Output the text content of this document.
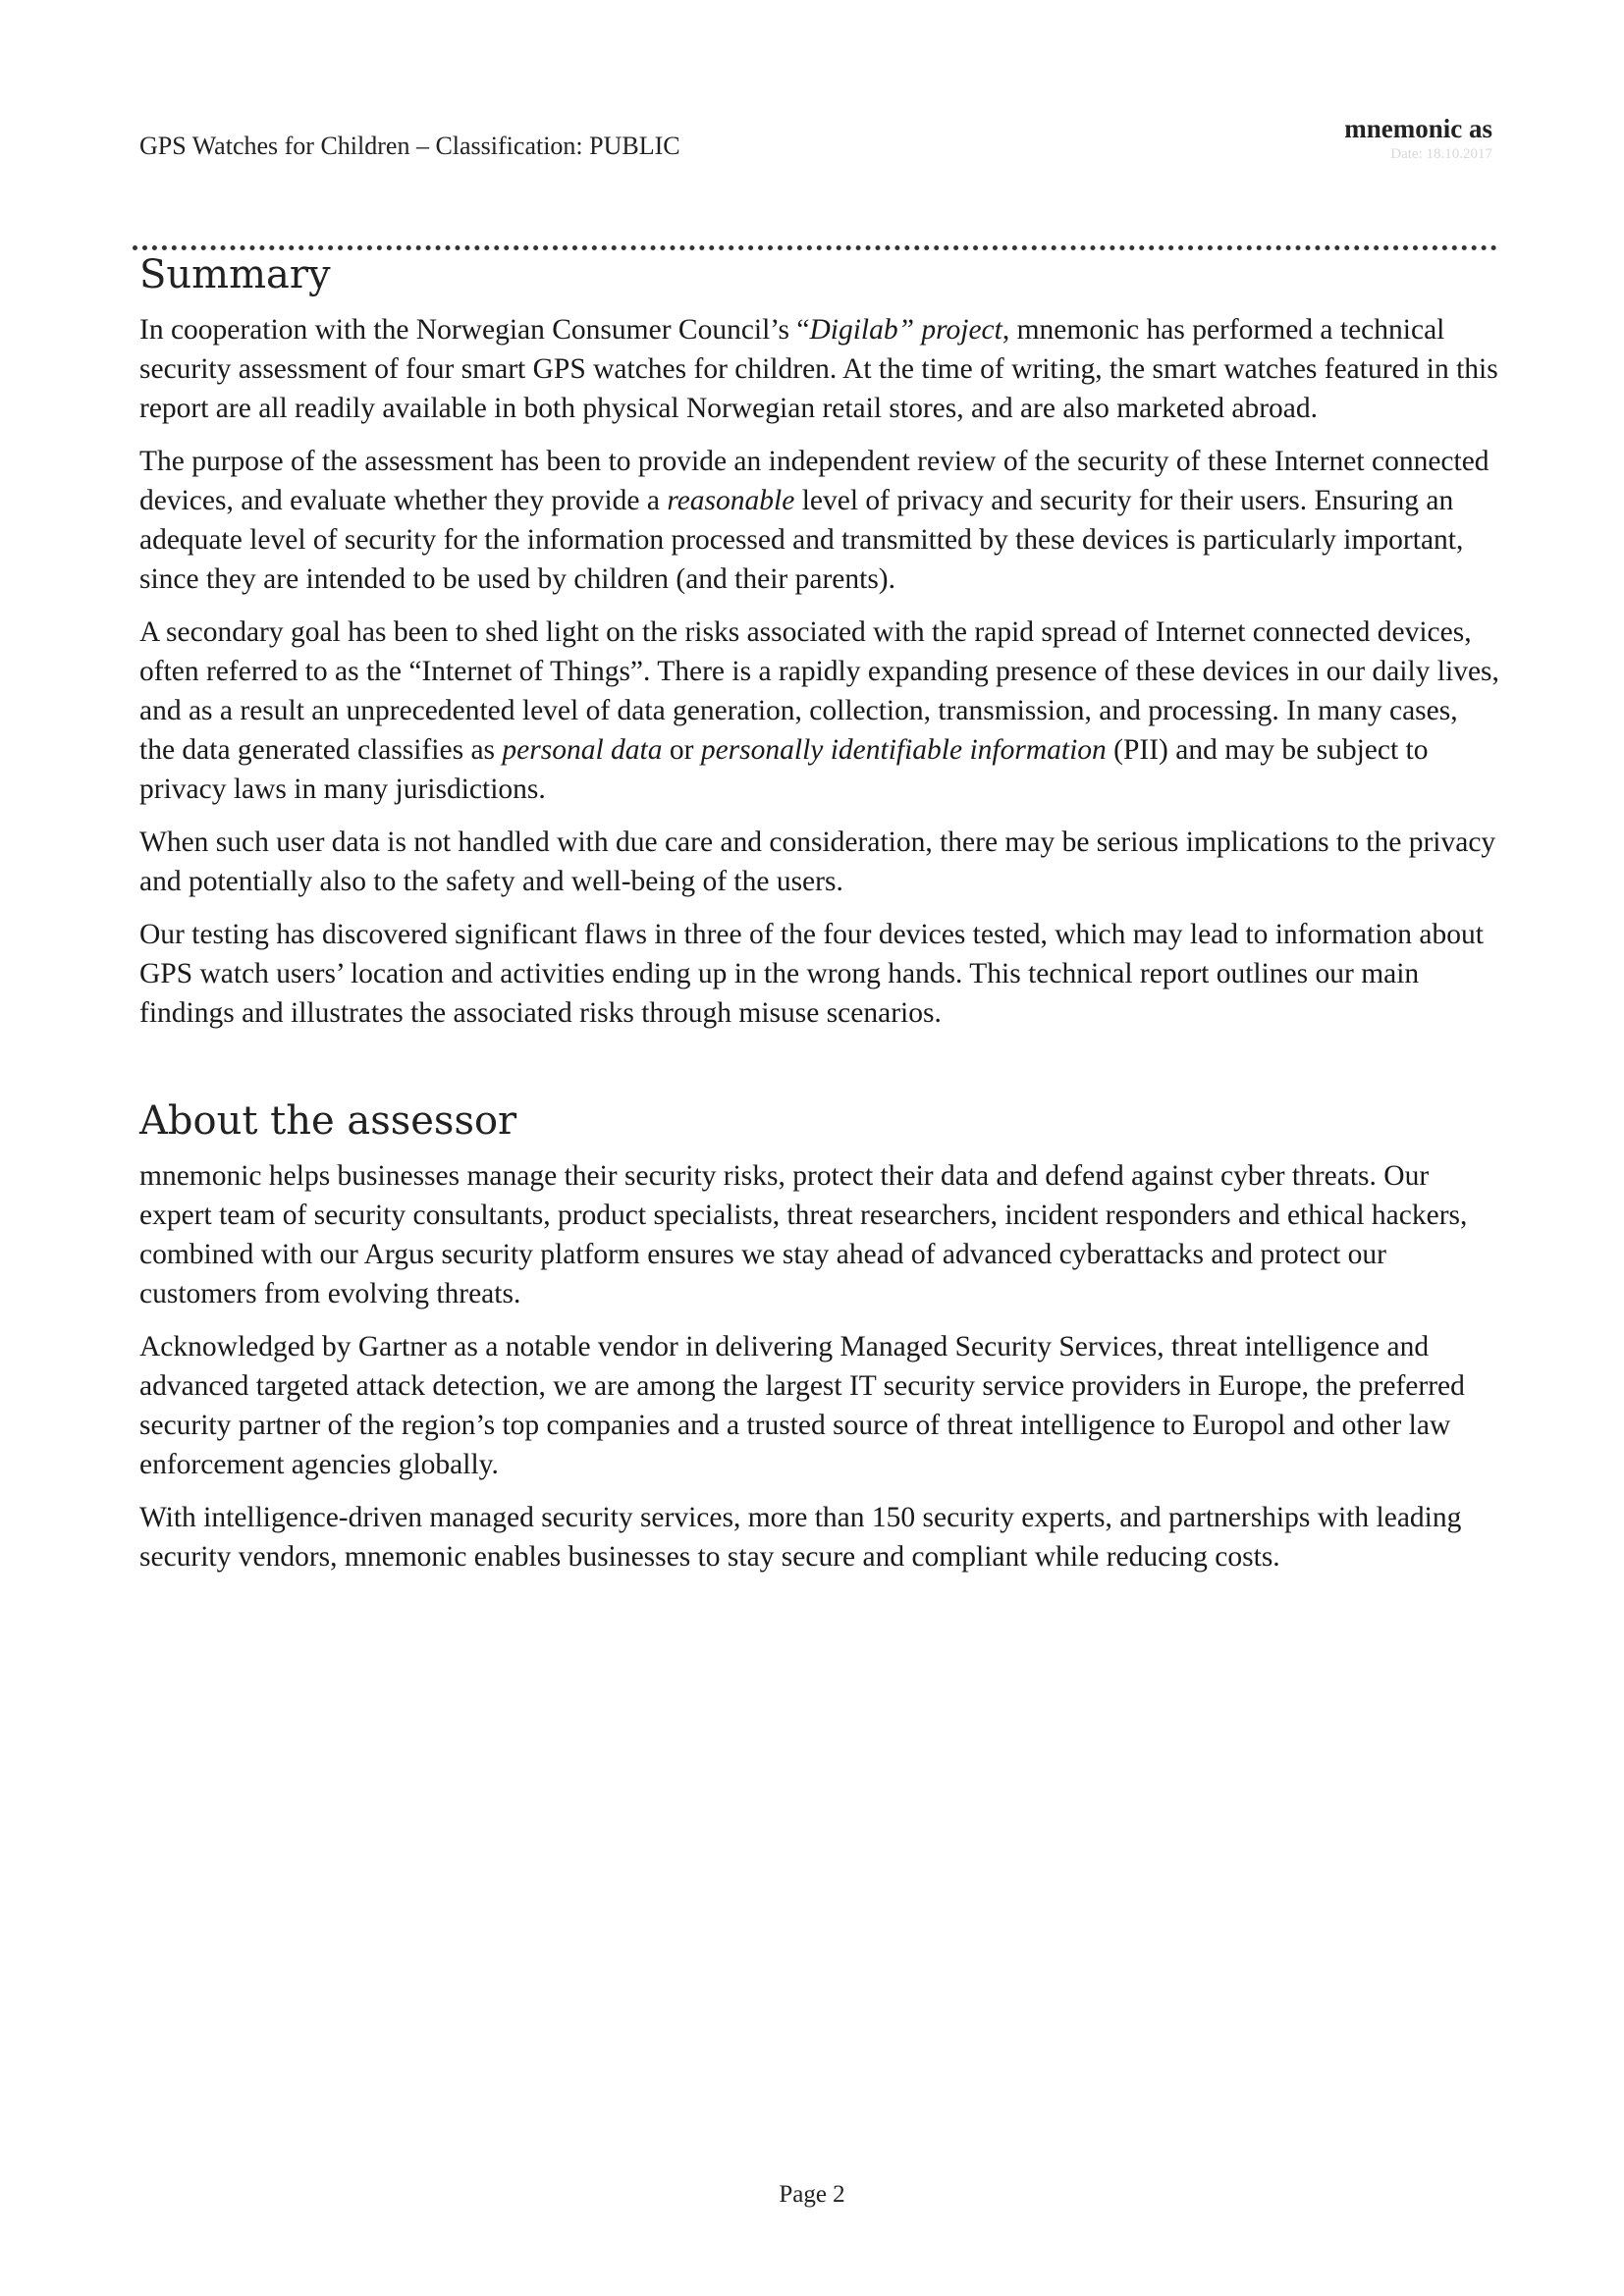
GPS Watches for Children – Classification: PUBLIC
mnemonic as
Date: 18.10.2017
Summary

In cooperation with the Norwegian Consumer Council’s “Digilab” project, mnemonic has performed a technical security assessment of four smart GPS watches for children. At the time of writing, the smart watches featured in this report are all readily available in both physical Norwegian retail stores, and are also marketed abroad.

The purpose of the assessment has been to provide an independent review of the security of these Internet connected devices, and evaluate whether they provide a reasonable level of privacy and security for their users. Ensuring an adequate level of security for the information processed and transmitted by these devices is particularly important, since they are intended to be used by children (and their parents).

A secondary goal has been to shed light on the risks associated with the rapid spread of Internet connected devices, often referred to as the “Internet of Things”. There is a rapidly expanding presence of these devices in our daily lives, and as a result an unprecedented level of data generation, collection, transmission, and processing. In many cases, the data generated classifies as personal data or personally identifiable information (PII) and may be subject to privacy laws in many jurisdictions.

When such user data is not handled with due care and consideration, there may be serious implications to the privacy and potentially also to the safety and well-being of the users.

Our testing has discovered significant flaws in three of the four devices tested, which may lead to information about GPS watch users’ location and activities ending up in the wrong hands. This technical report outlines our main findings and illustrates the associated risks through misuse scenarios.

About the assessor

mnemonic helps businesses manage their security risks, protect their data and defend against cyber threats. Our expert team of security consultants, product specialists, threat researchers, incident responders and ethical hackers, combined with our Argus security platform ensures we stay ahead of advanced cyberattacks and protect our customers from evolving threats.

Acknowledged by Gartner as a notable vendor in delivering Managed Security Services, threat intelligence and advanced targeted attack detection, we are among the largest IT security service providers in Europe, the preferred security partner of the region’s top companies and a trusted source of threat intelligence to Europol and other law enforcement agencies globally.

With intelligence-driven managed security services, more than 150 security experts, and partnerships with leading security vendors, mnemonic enables businesses to stay secure and compliant while reducing costs.

Page 2
